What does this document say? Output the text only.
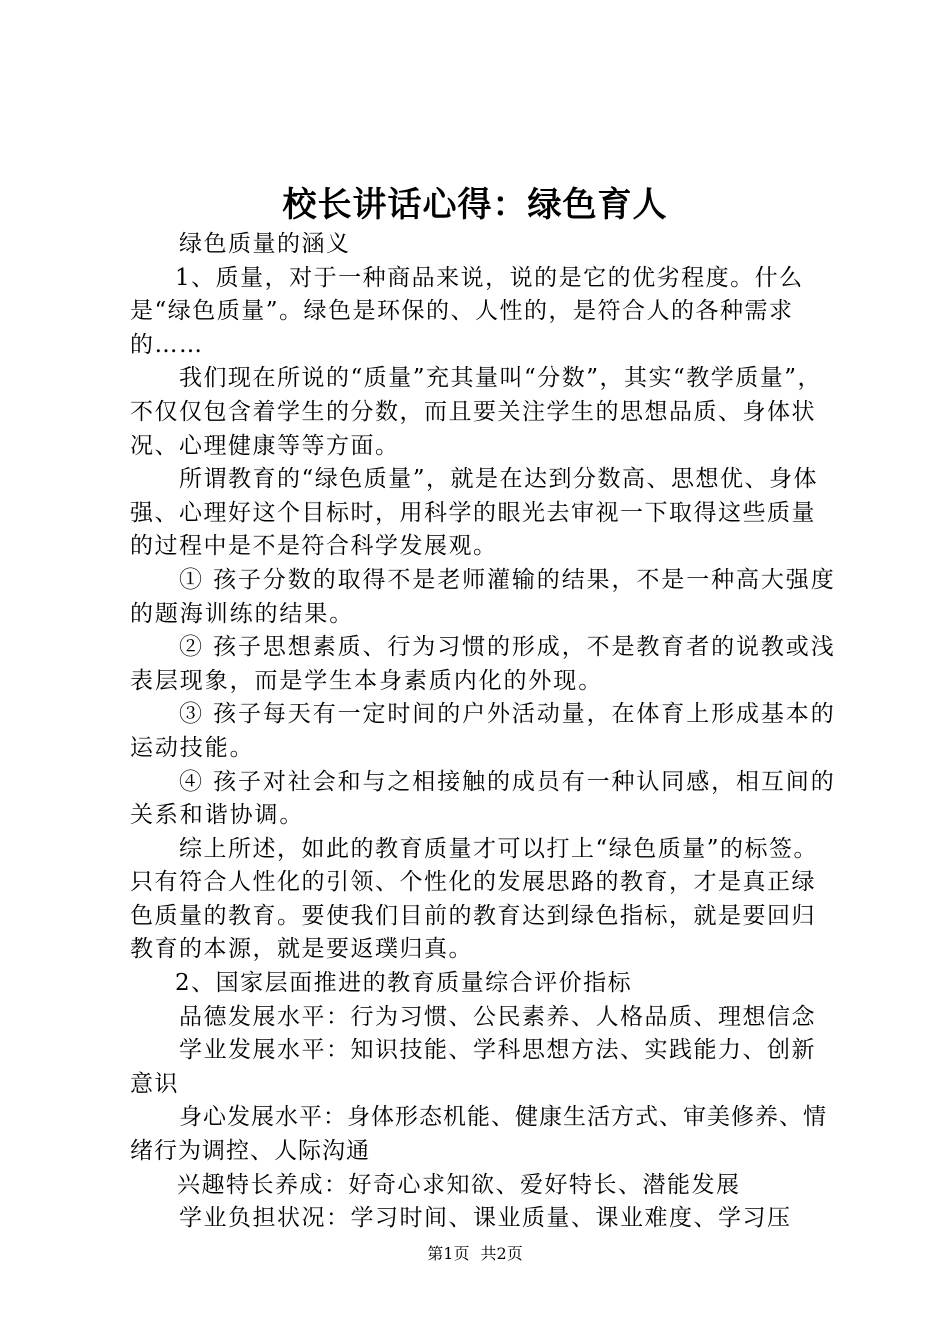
校长讲话心得：绿色育人

绿色质量的涵义

1、质量，对于一种商品来说，说的是它的优劣程度。什么是“绿色质量”。绿色是环保的、人性的，是符合人的各种需求的……

我们现在所说的“质量”充其量叫“分数”，其实“教学质量”，不仅仅包含着学生的分数，而且要关注学生的思想品质、身体状况、心理健康等等方面。

所谓教育的“绿色质量”，就是在达到分数高、思想优、身体强、心理好这个目标时，用科学的眼光去审视一下取得这些质量的过程中是不是符合科学发展观。

① 孩子分数的取得不是老师灌输的结果，不是一种高大强度的题海训练的结果。

② 孩子思想素质、行为习惯的形成，不是教育者的说教或浅表层现象，而是学生本身素质内化的外现。

③ 孩子每天有一定时间的户外活动量，在体育上形成基本的运动技能。

④ 孩子对社会和与之相接触的成员有一种认同感，相互间的关系和谐协调。

综上所述，如此的教育质量才可以打上“绿色质量”的标签。只有符合人性化的引领、个性化的发展思路的教育，才是真正绿色质量的教育。要使我们目前的教育达到绿色指标，就是要回归教育的本源，就是要返璞归真。

2、国家层面推进的教育质量综合评价指标

品德发展水平：行为习惯、公民素养、人格品质、理想信念

学业发展水平：知识技能、学科思想方法、实践能力、创新意识

身心发展水平：身体形态机能、健康生活方式、审美修养、情绪行为调控、人际沟通

兴趣特长养成：好奇心求知欲、爱好特长、潜能发展

学业负担状况：学习时间、课业质量、课业难度、学习压

第1页 共2页
